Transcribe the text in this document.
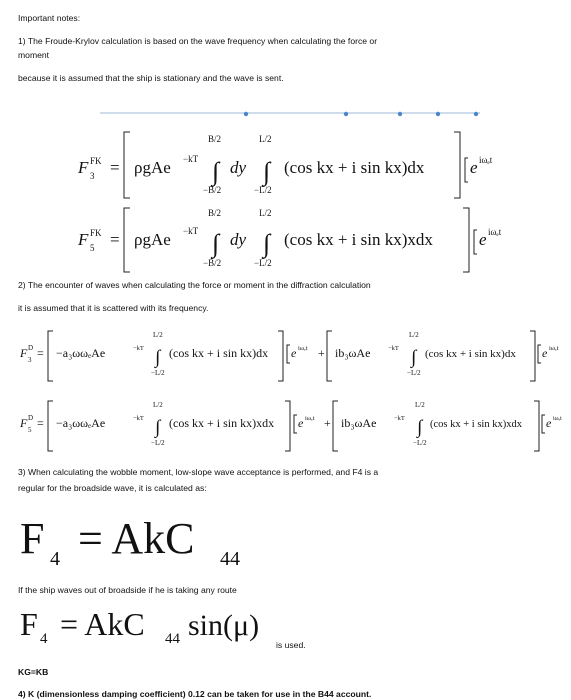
Important notes:
1) The Froude-Krylov calculation is based on the wave frequency when calculating the force or
moment
because it is assumed that the ship is stationary and the wave is sent.
F FK
3 = ρgAe −kT
B/2
∫
−B/2
dy
L/2
∫
−L/2
(cos kx + i sin kx)dx	e iωₑt
F FK
5 = ρgAe −kT
B/2
∫
−B/2
dy
L/2
∫
−L/2
(cos kx + i sin kx)xdx	e iωₑt
2) The encounter of waves when calculating the force or moment in the diffraction calculation
it is assumed that it is scattered with its frequency.
F D
3 = −a₃ωωₑAe	−kT
L/2
∫
−L/2
(cos kx + i sin kx)dx e iωₑt + ib₃ωAe	−kT
L/2
∫
−L/2
(cos kx + i sin kx)dx e iωₑt
F D
5 = −a₃ωωₑAe	−kT
L/2
∫
−L/2
(cos kx + i sin kx)xdx e iωₑt + ib₃ωAe	−kT
L/2
∫
−L/2
(cos kx + i sin kx)xdx e iωₑt
3) When calculating the wobble moment, low-slope wave acceptance is performed, and F4 is a
regular for the broadside wave, it is calculated as:
F 4 = AkC 44
If the ship waves out of broadside if he is taking any route
F 4 = AkC 44 sin(μ)
is used.
KG=KB
4) K (dimensionless damping coefficient) 0.12 can be taken for use in the B44 account.
